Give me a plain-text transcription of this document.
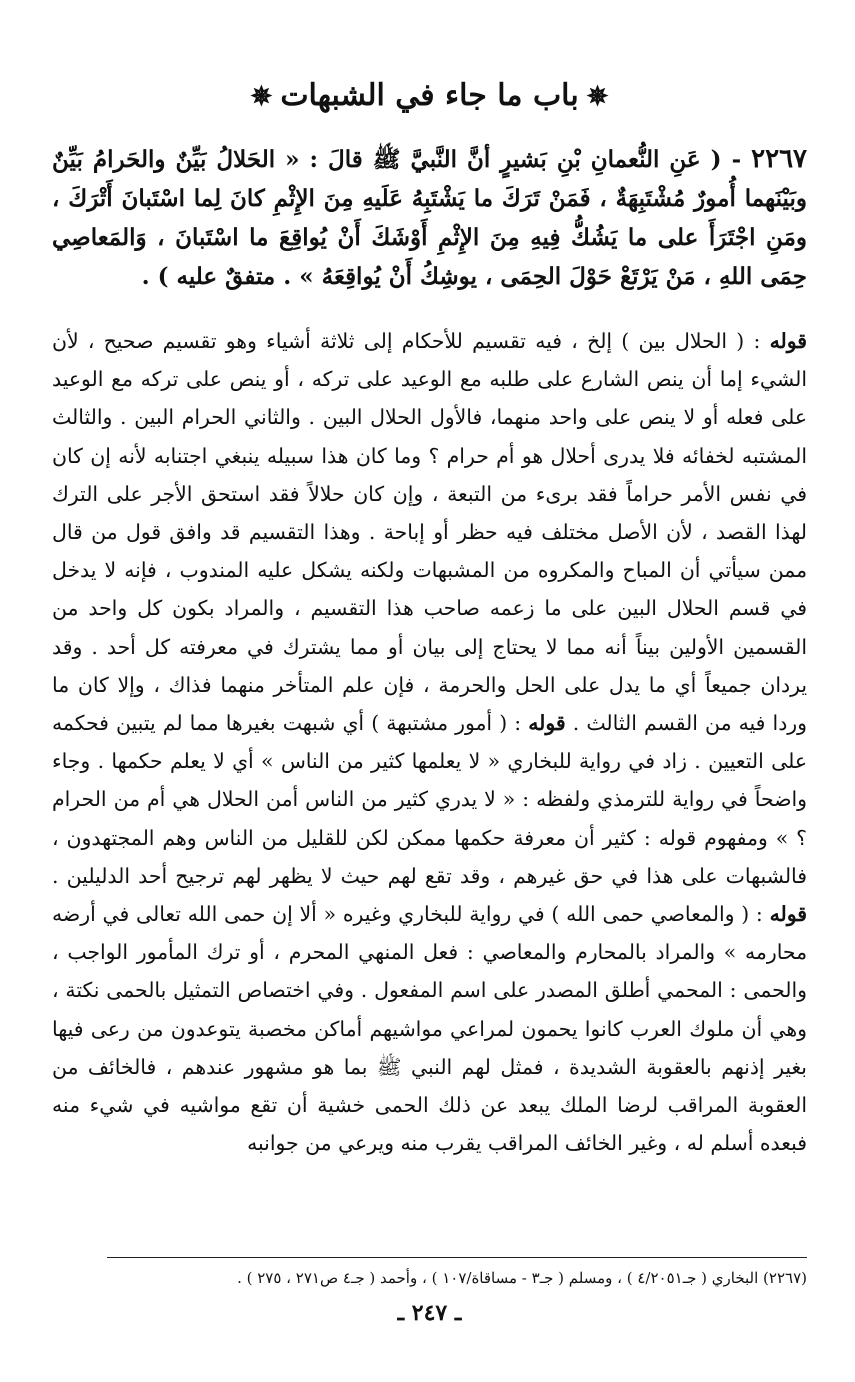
✵باب ما جاء في الشبهات✵
٢٢٦٧ - ( عَنِ النُّعمانِ بْنِ بَشيرٍ أنَّ النَّبيَّ ﷺ قالَ : « الحَلالُ بَيِّنٌ والحَرامُ بَيِّنٌ وبَيْنَهما أُمورٌ مُشْتَبِهَةٌ ، فَمَنْ تَرَكَ ما يَشْتَبِهُ عَلَيهِ مِنَ الإِثْمِ كانَ لِما اسْتَبانَ أَتْرَكَ ، ومَنِ اجْتَرَأَ على ما يَشُكُّ فِيهِ مِنَ الإِثْمِ أَوْشَكَ أَنْ يُواقِعَ ما اسْتَبانَ ، وَالمَعاصِي حِمَى اللهِ ، مَنْ يَرْتَعْ حَوْلَ الحِمَى ، يوشِكُ أَنْ يُواقِعَهُ » . متفقٌ عليه ) .
قوله : ( الحلال بين ) إلخ ، فيه تقسيم للأحكام إلى ثلاثة أشياء وهو تقسيم صحيح ، لأن الشيء إما أن ينص الشارع على طلبه مع الوعيد على تركه ، أو ينص على تركه مع الوعيد على فعله أو لا ينص على واحد منهما، فالأول الحلال البين . والثاني الحرام البين . والثالث المشتبه لخفائه فلا يدرى أحلال هو أم حرام ؟ وما كان هذا سبيله ينبغي اجتنابه لأنه إن كان في نفس الأمر حراماً فقد برىء من التبعة ، وإن كان حلالاً فقد استحق الأجر على الترك لهذا القصد ، لأن الأصل مختلف فيه حظر أو إباحة . وهذا التقسيم قد وافق قول من قال ممن سيأتي أن المباح والمكروه من المشبهات ولكنه يشكل عليه المندوب ، فإنه لا يدخل في قسم الحلال البين على ما زعمه صاحب هذا التقسيم ، والمراد بكون كل واحد من القسمين الأولين بيناً أنه مما لا يحتاج إلى بيان أو مما يشترك في معرفته كل أحد . وقد يردان جميعاً أي ما يدل على الحل والحرمة ، فإن علم المتأخر منهما فذاك ، وإلا كان ما وردا فيه من القسم الثالث . قوله : ( أمور مشتبهة ) أي شبهت بغيرها مما لم يتبين فحكمه على التعيين . زاد في رواية للبخاري « لا يعلمها كثير من الناس » أي لا يعلم حكمها . وجاء واضحاً في رواية للترمذي ولفظه : « لا يدري كثير من الناس أمن الحلال هي أم من الحرام ؟ » ومفهوم قوله : كثير أن معرفة حكمها ممكن لكن للقليل من الناس وهم المجتهدون ، فالشبهات على هذا في حق غيرهم ، وقد تقع لهم حيث لا يظهر لهم ترجيح أحد الدليلين . قوله : ( والمعاصي حمى الله ) في رواية للبخاري وغيره « ألا إن حمى الله تعالى في أرضه محارمه » والمراد بالمحارم والمعاصي : فعل المنهي المحرم ، أو ترك المأمور الواجب ، والحمى : المحمي أطلق المصدر على اسم المفعول . وفي اختصاص التمثيل بالحمى نكتة ، وهي أن ملوك العرب كانوا يحمون لمراعي مواشيهم أماكن مخصبة يتوعدون من رعى فيها بغير إذنهم بالعقوبة الشديدة ، فمثل لهم النبي ﷺ بما هو مشهور عندهم ، فالخائف من العقوبة المراقب لرضا الملك يبعد عن ذلك الحمى خشية أن تقع مواشيه في شيء منه فبعده أسلم له ، وغير الخائف المراقب يقرب منه ويرعي من جوانبه
(٢٢٦٧) البخاري ( جـ٤/٢٠٥١ ) ، ومسلم ( جـ٣ - مساقاة/١٠٧ ) ، وأحمد ( جـ٤ ص٢٧١ ، ٢٧٥ ) .
ـ ٢٤٧ ـ
